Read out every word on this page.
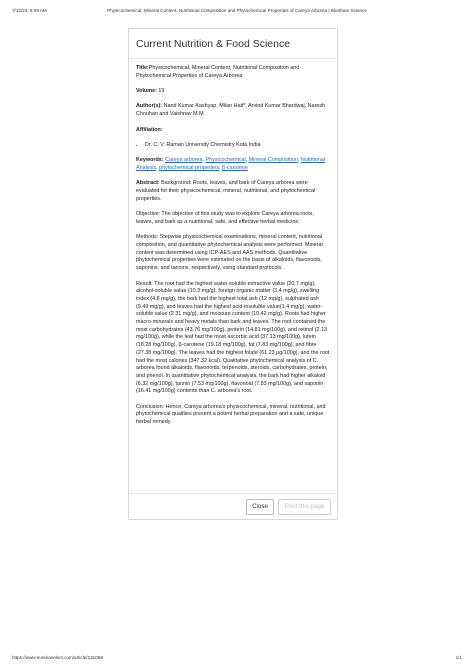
7/12/23, 8:09 AM	Physicochemical, Mineral Content, Nutritional Composition and Phytochemical Properties of Careya Arborea | Bentham Science
Current Nutrition & Food Science

Title:Physicochemical, Mineral Content, Nutritional Composition and Phytochemical Properties of Careya Arborea

Volume: 19

Author(s): Nand Kumar Kashyap, Milan Hait*, Arvind Kumar Bhardwaj, Naresh Chouhan and Vaishnav M.M

Affiliation:

• Dr. C. V. Raman University Chemistry Kota India

Keywords: Careya arborea, Physicochemical, Mineral Composition, Nutritional Analysis, phytochemical properties, β-carotene

Abstract: Background: Roots, leaves, and bark of Careya arborea were evaluated for their physicochemical, mineral, nutritional, and phytochemical properties.

Objective: The objective of this study was to explore Careya arborea roots, leaves, and bark as a nutritional, safe, and effective herbal medicine.

Methods: Stepwise physicochemical examinations, mineral content, nutritional composition, and quantitative phytochemical analysis were performed. Mineral content was determined using ICP-AES and AAS methods. Quantitative phytochemical properties were estimated on the basis of alkaloids, flavonoids, saponins, and tannins, respectively, using standard protocols.

Result: The root had the highest water-soluble extractive value (20.7 mg/g), alcohol-soluble value (10.3 mg/g), foreign organic matter (3.4 mg/g), swelling index (4.8 mg/g), the bark had the highest total ash (12 mg/g), sulphated ash (9.49 mg/g), and leaves had the highest acid-insoluble value(1.4 mg/g), water-soluble value (2.31 mg/g), and moisture content (10.42 mg/g). Roots had higher macro-minerals and heavy metals than bark and leaves. The root contained the most carbohydrates (43.76 mg/100g), protein (14.81 mg/100g), and retinol (2.13 mg/100g), while the leaf had the most ascorbic acid (37.13 mg/100g), lutein (18.28 mg/100g), β-carotene (19.18 mg/100g), fat (7.83 mg/100g), and fibre (27.38 mg/100g). The leaves had the highest folate (61.23 μg/100g), and the root had the most calories (347.32 kcal). Qualitative phytochemical analysis of C. arborea found alkaloids, flavonoids, terpenoids, steroids, carbohydrates, protein, and phenol. In quantitative phytochemical analysis, the bark had higher alkaloid (6.32 mg/100g), tannin (7.53 mg/100g), flavonoid (7.83 mg/100g), and saponin (16.41 mg/100g) contents than C. arborea's root.

Conclusion: Hence, Careya arborea's physicochemical, mineral, nutritional, and phytochemical qualities present a potent herbal preparation and a safe, unique herbal remedy.

Close	Print this page
https://www.eurekaselect.com/article/131069	1/1
